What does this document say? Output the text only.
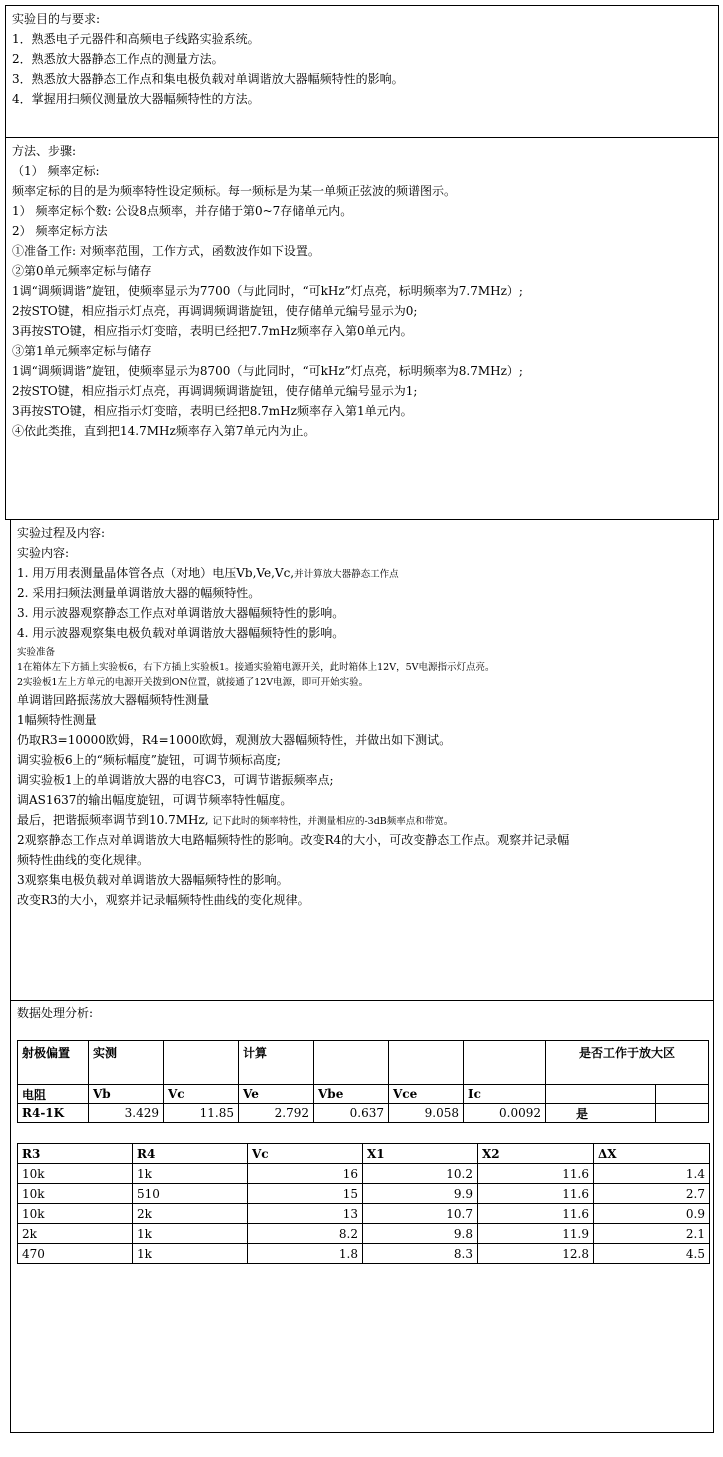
实验目的与要求:
1．熟悉电子元器件和高频电子线路实验系统。
2．熟悉放大器静态工作点的测量方法。
3．熟悉放大器静态工作点和集电极负载对单调谐放大器幅频特性的影响。
4．掌握用扫频仪测量放大器幅频特性的方法。
方法、步骤:
（1） 频率定标:
频率定标的目的是为频率特性设定频标。每一频标是为某一单频正弦波的频谱图示。
1） 频率定标个数: 公设8点频率，并存储于第0~7存储单元内。
2） 频率定标方法
①准备工作: 对频率范围，工作方式，函数波作如下设置。
②第0单元频率定标与储存
1调“调频调谐”旋钮，使频率显示为7700（与此同时，“可kHz”灯点亮，标明频率为7.7MHz）;
2按STO键，相应指示灯点亮，再调调频调谐旋钮，使存储单元编号显示为0;
3再按STO键，相应指示灯变暗，表明已经把7.7mHz频率存入第0单元内。
③第1单元频率定标与储存
1调“调频调谐”旋钮，使频率显示为8700（与此同时，“可kHz”灯点亮，标明频率为8.7MHz）;
2按STO键，相应指示灯点亮，再调调频调谐旋钮，使存储单元编号显示为1;
3再按STO键，相应指示灯变暗，表明已经把8.7mHz频率存入第1单元内。
④依此类推，直到把14.7MHz频率存入第7单元内为止。
实验过程及内容:
实验内容:
1. 用万用表测量晶体管各点（对地）电压Vb,Ve,Vc,并计算放大器静态工作点
2. 采用扫频法测量单调谐放大器的幅频特性。
3. 用示波器观察静态工作点对单调谐放大器幅频特性的影响。
4. 用示波器观察集电极负载对单调谐放大器幅频特性的影响。
实验准备
1在箱体左下方插上实验板6，右下方插上实验板1。接通实验箱电源开关，此时箱体上12V，5V电源指示灯点亮。
2实验板1左上方单元的电源开关拨到ON位置，就接通了12V电源，即可开始实验。
单调谐回路振荡放大器幅频特性测量
1幅频特性测量
仍取R3=10000欧姆，R4=1000欧姆，观测放大器幅频特性，并做出如下测试。
调实验板6上的“频标幅度”旋钮，可调节频标高度;
调实验板1上的单调谐放大器的电容C3，可调节谐振频率点;
调AS1637的输出幅度旋钮，可调节频率特性幅度。
最后，把谐振频率调节到10.7MHz, 记下此时的频率特性，并测量相应的-3dB频率点和带宽。
2观察静态工作点对单调谐放大电路幅频特性的影响。改变R4的大小，可改变静态工作点。观察并记录幅
频特性曲线的变化规律。
3观察集电极负载对单调谐放大器幅频特性的影响。
改变R3的大小，观察并记录幅频特性曲线的变化规律。
数据处理分析:
射极偏置	实测		计算				是否工作于放大区	
电阻	Vb	Vc	Ve	Vbe	Vce	Ic		
R4-1K	3.429	11.85	2.792	0.637	9.058	0.0092	是	
R3	R4	Vc	X1	X2	ΔX
10k	1k	16	10.2	11.6	1.4
10k	510	15	9.9	11.6	2.7
10k	2k	13	10.7	11.6	0.9
2k	1k	8.2	9.8	11.9	2.1
470	1k	1.8	8.3	12.8	4.5
